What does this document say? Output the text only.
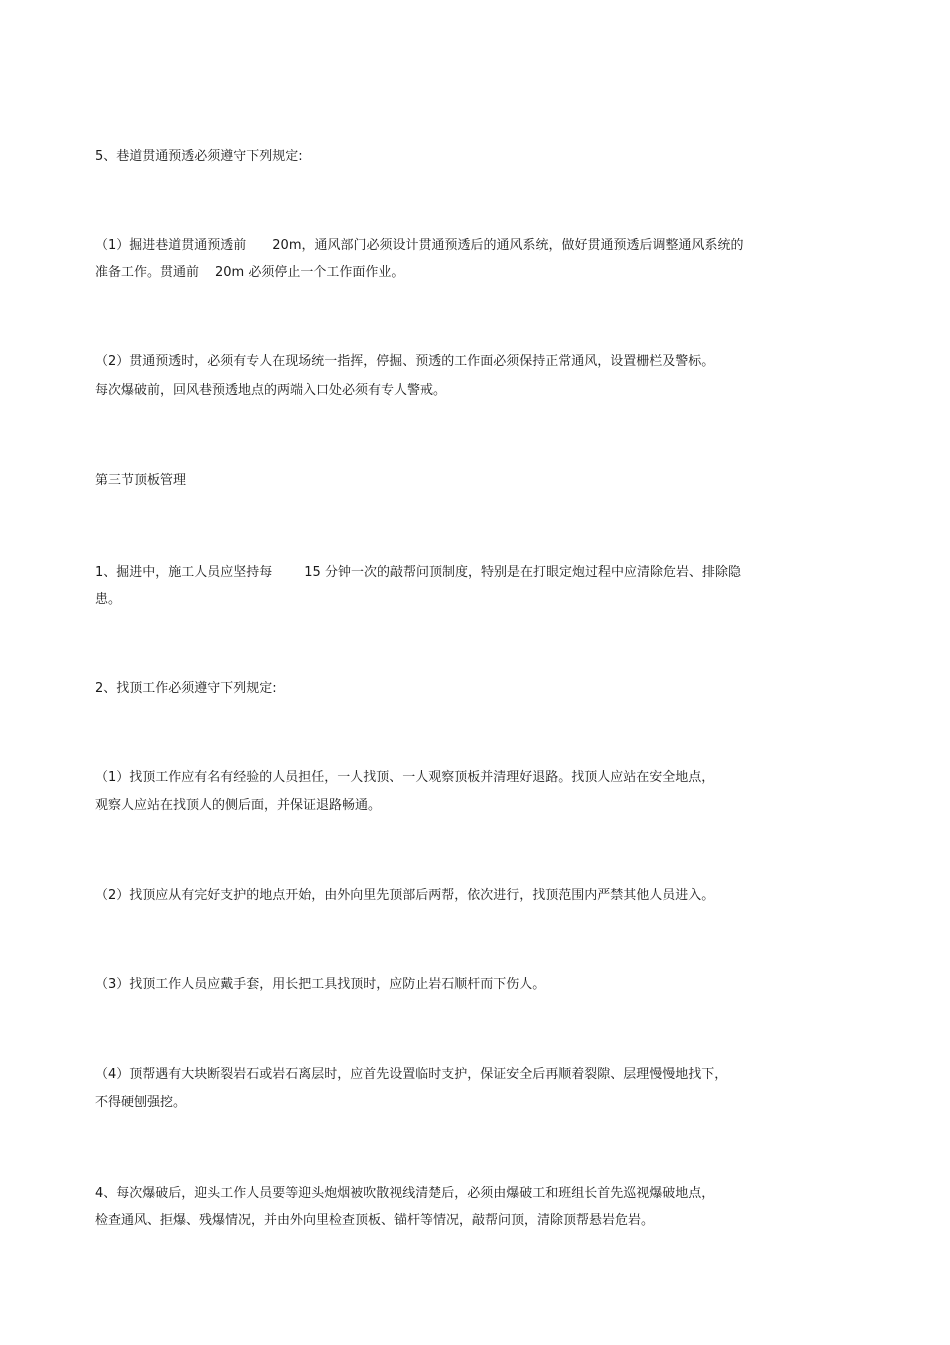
5、巷道贯通预透必须遵守下列规定:

（1）掘进巷道贯通预透前 20m，通风部门必须设计贯通预透后的通风系统，做好贯通预透后调整通风系统的

准备工作。贯通前 20m 必须停止一个工作面作业。

（2）贯通预透时，必须有专人在现场统一指挥，停掘、预透的工作面必须保持正常通风，设置栅栏及警标。

每次爆破前，回风巷预透地点的两端入口处必须有专人警戒。

第三节顶板管理

1、掘进中，施工人员应坚持每 15 分钟一次的敲帮问顶制度，特别是在打眼定炮过程中应清除危岩、排除隐

患。

2、找顶工作必须遵守下列规定:

（1）找顶工作应有名有经验的人员担任，一人找顶、一人观察顶板并清理好退路。找顶人应站在安全地点，

观察人应站在找顶人的侧后面，并保证退路畅通。

（2）找顶应从有完好支护的地点开始，由外向里先顶部后两帮，依次进行，找顶范围内严禁其他人员进入。

（3）找顶工作人员应戴手套，用长把工具找顶时，应防止岩石顺杆而下伤人。

（4）顶帮遇有大块断裂岩石或岩石离层时，应首先设置临时支护，保证安全后再顺着裂隙、层理慢慢地找下，

不得硬刨强挖。

4、每次爆破后，迎头工作人员要等迎头炮烟被吹散视线清楚后，必须由爆破工和班组长首先巡视爆破地点，

检查通风、拒爆、残爆情况，并由外向里检查顶板、锚杆等情况，敲帮问顶，清除顶帮悬岩危岩。
